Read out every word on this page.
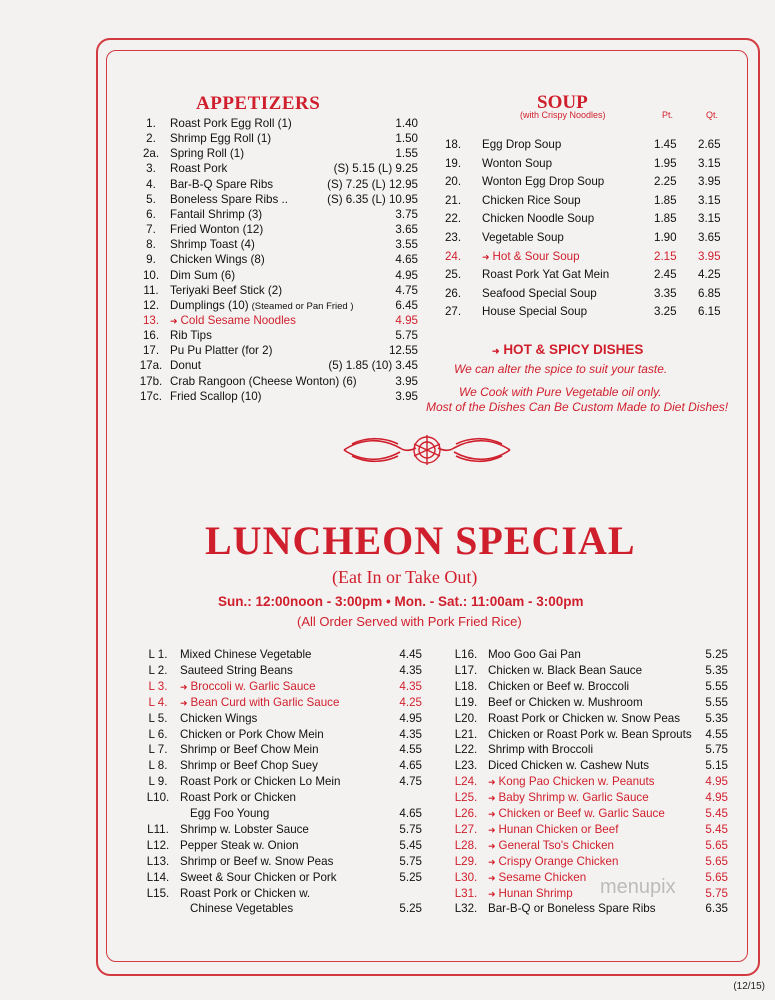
APPETIZERS
1.	Roast Pork Egg Roll (1)	1.40
2.	Shrimp Egg Roll (1)	1.50
2a. Spring Roll (1)	1.55
3.	Roast Pork	(S) 5.15 (L) 9.25
4.	Bar-B-Q Spare Ribs	(S) 7.25 (L) 12.95
5.	Boneless Spare Ribs ..	(S) 6.35 (L) 10.95
6.	Fantail Shrimp (3)	3.75
7.	Fried Wonton (12)	3.65
8.	Shrimp Toast (4)	3.55
9.	Chicken Wings (8)	4.65
10. Dim Sum (6)	4.95
11. Teriyaki Beef Stick (2)	4.75
12. Dumplings (10) (Steamed or Pan Fried )	6.45
13.	➜ Cold Sesame Noodles	4.95
16. Rib Tips	5.75
17. Pu Pu Platter (for 2)	12.55
17a. Donut	(5) 1.85 (10) 3.45
17b. Crab Rangoon (Cheese Wonton) (6)	3.95
17c. Fried Scallop (10)	3.95
SOUP
(with Crispy Noodles)	Pt.	Qt.
18.	Egg Drop Soup	1.45 2.65
19.	Wonton Soup	1.95 3.15
20.	Wonton Egg Drop Soup	2.25 3.95
21.	Chicken Rice Soup	1.85 3.15
22.	Chicken Noodle Soup	1.85 3.15
23.	Vegetable Soup	1.90 3.65
24.	➜ Hot & Sour Soup	2.15 3.95
25.	Roast Pork Yat Gat Mein	2.45 4.25
26.	Seafood Special Soup	3.35 6.85
27.	House Special Soup	3.25 6.15
➜ HOT & SPICY DISHES
We can alter the spice to suit your taste.
We Cook with Pure Vegetable oil only.
Most of the Dishes Can Be Custom Made to Diet Dishes!
LUNCHEON SPECIAL
(Eat In or Take Out)
Sun.: 12:00noon - 3:00pm • Mon. - Sat.: 11:00am - 3:00pm
(All Order Served with Pork Fried Rice)
L 1.	Mixed Chinese Vegetable	4.45
L 2.	Sauteed String Beans	4.35
L 3.	➜ Broccoli w. Garlic Sauce	4.35
L 4.	➜ Bean Curd with Garlic Sauce	4.25
L 5.	Chicken Wings	4.95
L 6.	Chicken or Pork Chow Mein	4.35
L 7.	Shrimp or Beef Chow Mein	4.55
L 8.	Shrimp or Beef Chop Suey	4.65
L 9.	Roast Pork or Chicken Lo Mein	4.75
L10. Roast Pork or Chicken
Egg Foo Young	4.65
L11. Shrimp w. Lobster Sauce	5.75
L12. Pepper Steak w. Onion	5.45
L13. Shrimp or Beef w. Snow Peas	5.75
L14. Sweet & Sour Chicken or Pork	5.25
L15. Roast Pork or Chicken w.
Chinese Vegetables	5.25
L16. Moo Goo Gai Pan	5.25
L17. Chicken w. Black Bean Sauce	5.35
L18. Chicken or Beef w. Broccoli	5.55
L19. Beef or Chicken w. Mushroom	5.55
L20. Roast Pork or Chicken w. Snow Peas 5.35
L21. Chicken or Roast Pork w. Bean Sprouts 4.55
L22. Shrimp with Broccoli	5.75
L23. Diced Chicken w. Cashew Nuts	5.15
L24.	➜ Kong Pao Chicken w. Peanuts	4.95
L25.	➜ Baby Shrimp w. Garlic Sauce	4.95
L26.	➜ Chicken or Beef w. Garlic Sauce	5.45
L27.	➜ Hunan Chicken or Beef	5.45
L28.	➜ General Tso's Chicken	5.65
L29.	➜ Crispy Orange Chicken	5.65
L30.	➜ Sesame Chicken	5.65
L31.	➜ Hunan Shrimp	5.75
L32. Bar-B-Q or Boneless Spare Ribs	6.35
menupix
(12/15)
